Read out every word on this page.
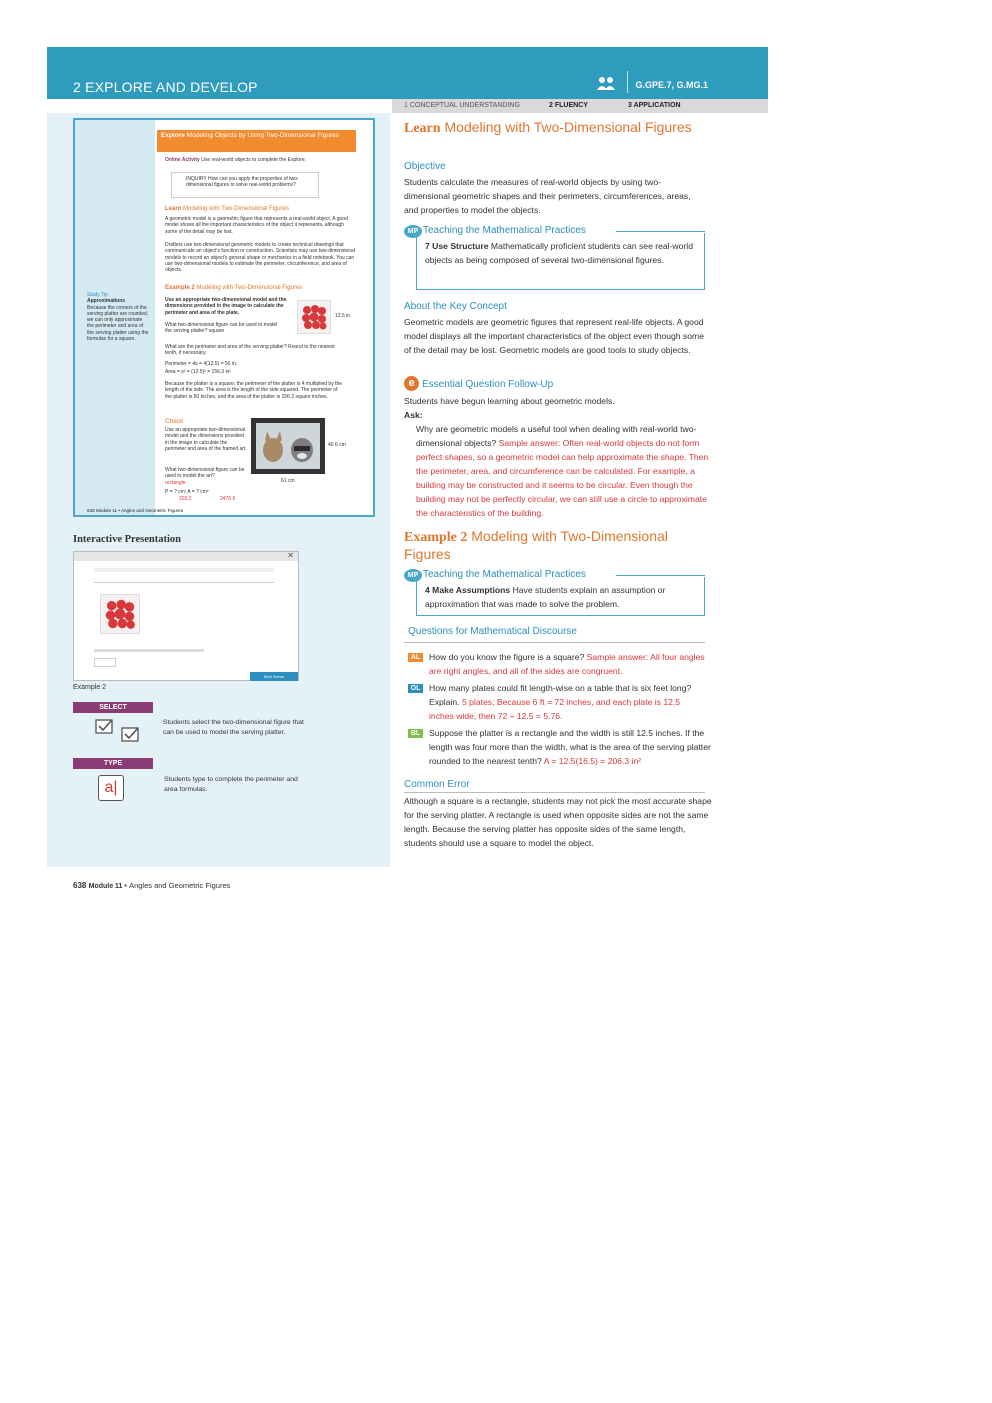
2 EXPLORE AND DEVELOP	G.GPE.7, G.MG.1
1 CONCEPTUAL UNDERSTANDING	2 FLUENCY	3 APPLICATION
Explore Modeling Objects by Using Two-Dimensional Figures
Online Activity Use real-world objects to complete the Explore.
INQUIRY How can you apply the properties of two-dimensional figures to solve real-world problems?
Learn Modeling with Two-Dimensional Figures
A geometric model is a geometric figure that represents a real-world object. A good model shows all the important characteristics of the object it represents, although some of the detail may be lost.
Drafters use two-dimensional geometric models to create technical drawings that communicate an object's function or construction. Scientists may use two-dimensional models to record an object's general shape or mechanics in a field notebook. You can use two-dimensional models to estimate the perimeter, circumference, and area of objects.
Study Tip
Approximations
Because the corners of the serving platter are rounded, we can only approximate the perimeter and area of the serving platter using the formulas for a square.
Example 2 Modeling with Two-Dimensional Figures
Use an appropriate two-dimensional model and the dimensions provided in the image to calculate the perimeter and area of the plate.
What two-dimensional figure can be used to model the serving platter? square
12.5 in.
What are the perimeter and area of the serving platter? Round to the nearest tenth, if necessary.
Perimeter = 4s = 4(12.5) = 50 in.
Area = s² = (12.5)² = 156.3 in²
Because the platter is a square, the perimeter of the platter is 4 multiplied by the length of the side. The area is the length of the side squared. The perimeter of the platter is 50 inches, and the area of the platter is 156.3 square inches.
Check
Use an appropriate two-dimensional model and the dimensions provided in the image to calculate the perimeter and area of the framed art.
What two-dimensional figure can be used to model the art?
rectangle
P = ? cm; A = ? cm²
203.2	2476.6
40.6 cm
61 cm
638 Module 11 • Angles and Geometric Figures
Interactive Presentation
✕
Next Scene
Example 2
SELECT
Students select the two-dimensional figure that can be used to model the serving platter.
TYPE
a|	Students type to complete the perimeter and area formulas.
Learn Modeling with Two-Dimensional Figures
Objective
Students calculate the measures of real-world objects by using two-dimensional geometric shapes and their perimeters, circumferences, areas, and properties to model the objects.
MP Teaching the Mathematical Practices
7 Use Structure Mathematically proficient students can see real-world objects as being composed of several two-dimensional figures.
About the Key Concept
Geometric models are geometric figures that represent real-life objects. A good model displays all the important characteristics of the object even though some of the detail may be lost. Geometric models are good tools to study objects.
e Essential Question Follow-Up
Students have begun learning about geometric models.
Ask:
Why are geometric models a useful tool when dealing with real-world two-dimensional objects? Sample answer: Often real-world objects do not form perfect shapes, so a geometric model can help approximate the shape. Then the perimeter, area, and circumference can be calculated. For example, a building may be constructed and it seems to be circular. Even though the building may not be perfectly circular, we can still use a circle to approximate the characteristics of the building.
Example 2 Modeling with Two-Dimensional Figures
MP Teaching the Mathematical Practices
4 Make Assumptions Have students explain an assumption or approximation that was made to solve the problem.
Questions for Mathematical Discourse
AL	How do you know the figure is a square? Sample answer: All four angles are right angles, and all of the sides are congruent.
OL	How many plates could fit length-wise on a table that is six feet long? Explain. 5 plates; Because 6 ft = 72 inches, and each plate is 12.5 inches wide, then 72 ÷ 12.5 = 5.76.
BL	Suppose the platter is a rectangle and the width is still 12.5 inches. If the length was four more than the width, what is the area of the serving platter rounded to the nearest tenth? A = 12.5(16.5) = 206.3 in²
Common Error
Although a square is a rectangle, students may not pick the most accurate shape for the serving platter. A rectangle is used when opposite sides are not the same length. Because the serving platter has opposite sides of the same length, students should use a square to model the object.
638 Module 11 • Angles and Geometric Figures
